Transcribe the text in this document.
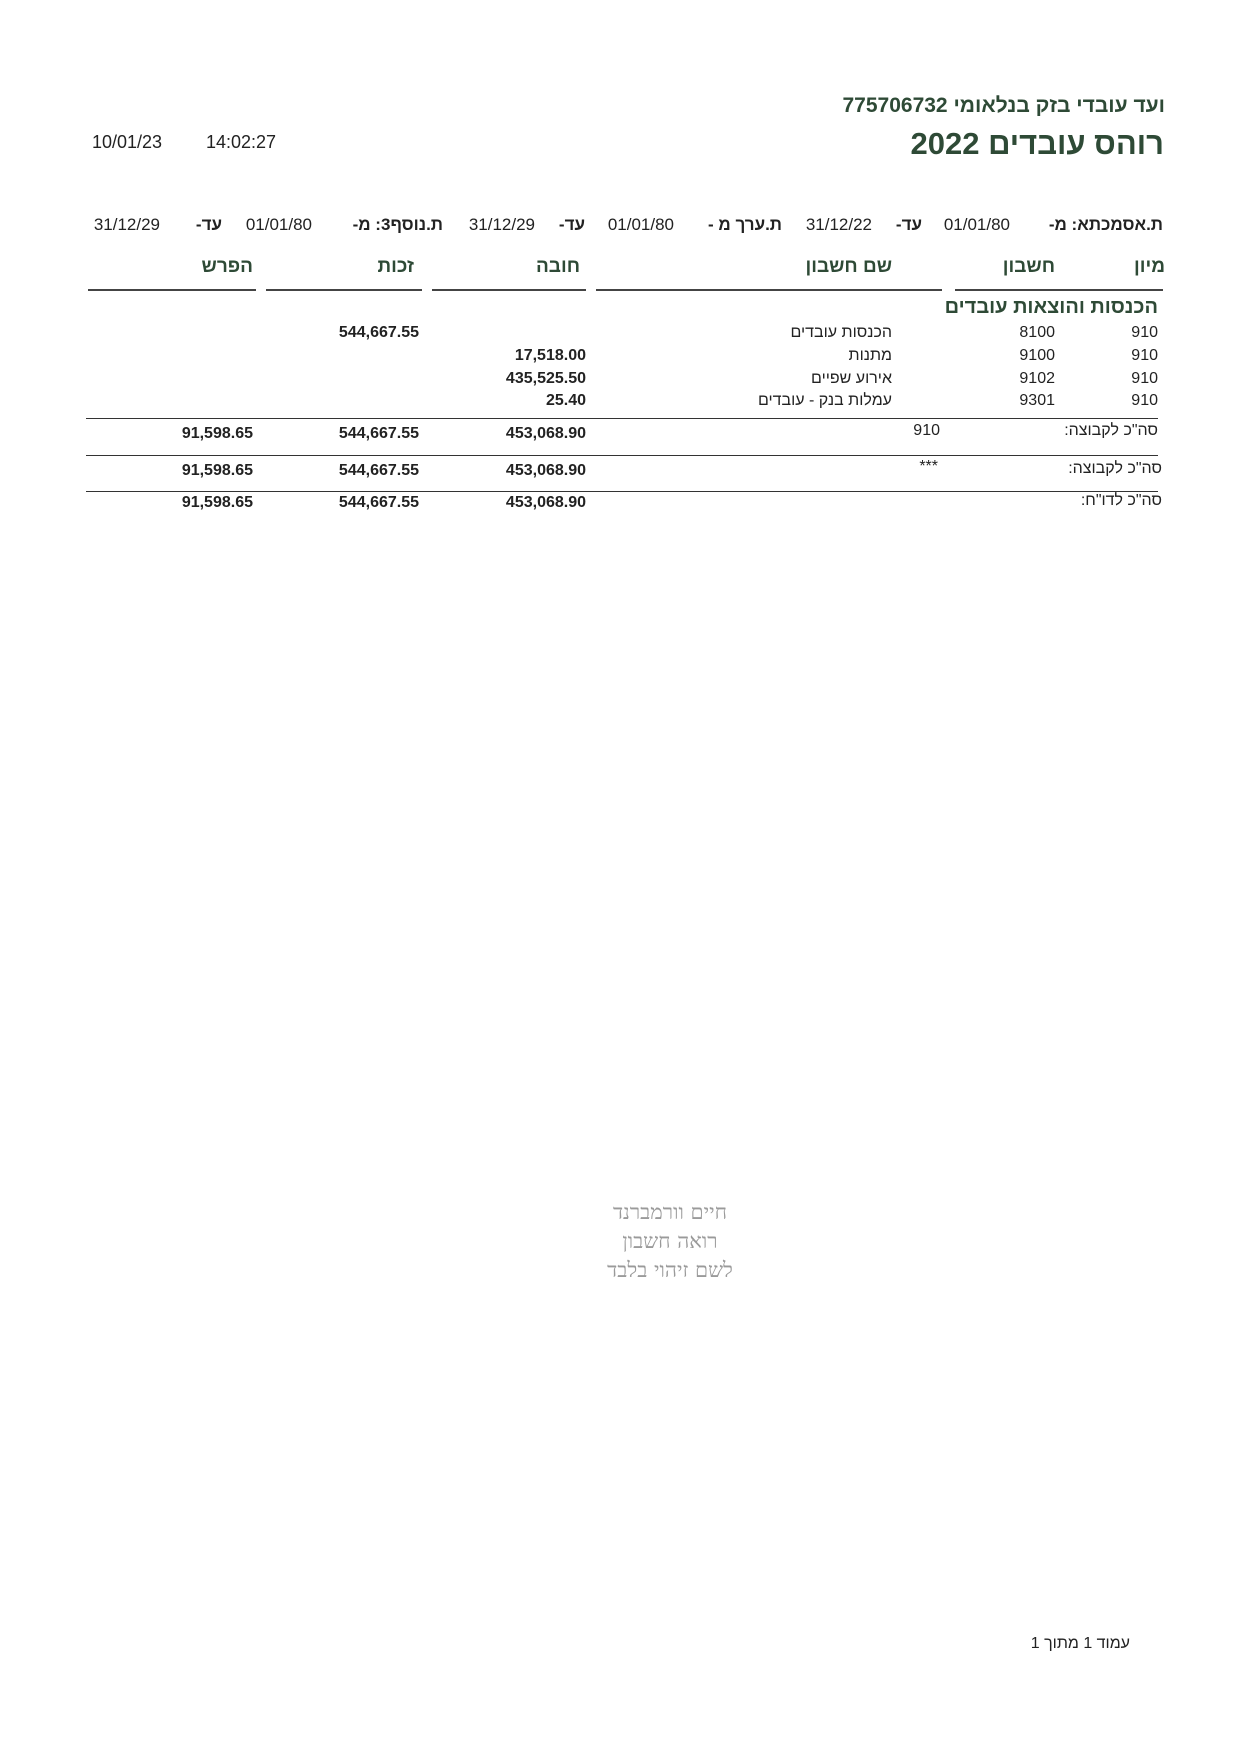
ועד עובדי בזק בנלאומי 775706732
רוהס עובדים 2022
10/01/23 14:02:27
ת.אסמכתא: מ-
01/01/80
עד-
31/12/22
ת.ערך מ -
01/01/80
עד-
31/12/29
ת.נוסף3: מ-
01/01/80
עד-
31/12/29
מיון
חשבון
שם חשבון
חובה
זכות
הפרש
הכנסות והוצאות עובדים
910
8100
הכנסות עובדים
544,667.55
910
9100
מתנות
17,518.00
910
9102
אירוע שפיים
435,525.50
910
9301
עמלות בנק - עובדים
25.40
סה"כ לקבוצה:
910
453,068.90
544,667.55
91,598.65
סה"כ לקבוצה:
***
453,068.90
544,667.55
91,598.65
סה"כ לדו"ח:
453,068.90
544,667.55
91,598.65
חיים וורמברנד
רואה חשבון
לשם זיהוי בלבד
עמוד 1 מתוך 1
